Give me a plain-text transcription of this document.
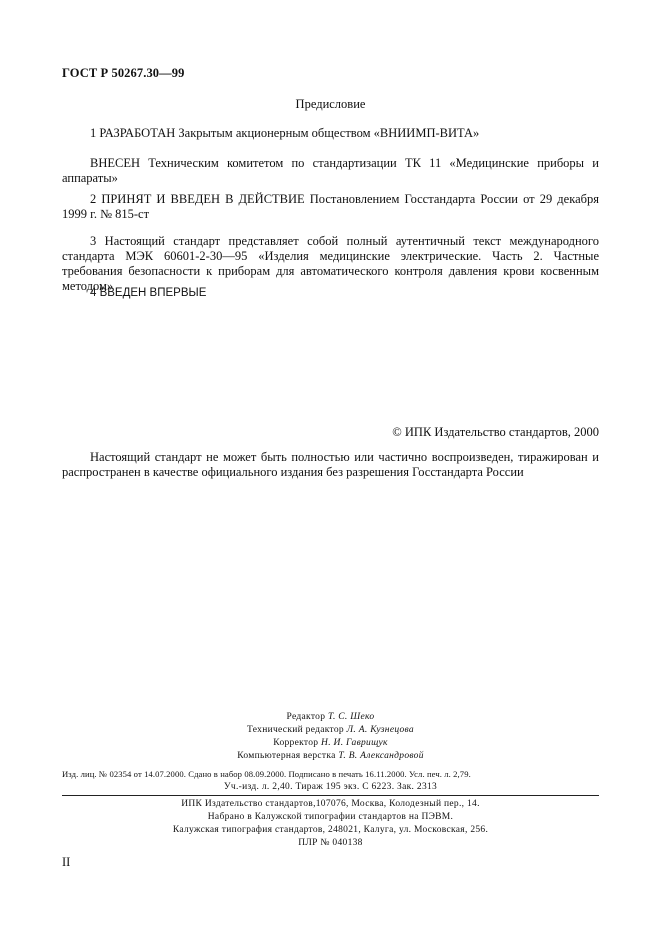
ГОСТ Р 50267.30—99
Предисловие
1 РАЗРАБОТАН Закрытым акционерным обществом «ВНИИМП-ВИТА»
ВНЕСЕН Техническим комитетом по стандартизации ТК 11 «Медицинские приборы и аппараты»
2 ПРИНЯТ И ВВЕДЕН В ДЕЙСТВИЕ Постановлением Госстандарта России от 29 декабря 1999 г. № 815-ст
3 Настоящий стандарт представляет собой полный аутентичный текст международного стандарта МЭК 60601-2-30—95 «Изделия медицинские электрические. Часть 2. Частные требования безопасности к приборам для автоматического контроля давления крови косвенным методом»
4 ВВЕДЕН ВПЕРВЫЕ
© ИПК Издательство стандартов, 2000
Настоящий стандарт не может быть полностью или частично воспроизведен, тиражирован и распространен в качестве официального издания без разрешения Госстандарта России
Редактор Т. С. Шеко
Технический редактор Л. А. Кузнецова
Корректор Н. И. Гаврищук
Компьютерная верстка Т. В. Александровой
Изд. лиц. № 02354 от 14.07.2000. Сдано в набор 08.09.2000. Подписано в печать 16.11.2000. Усл. печ. л. 2,79.
Уч.-изд. л. 2,40. Тираж 195 экз. С 6223. Зак. 2313
ИПК Издательство стандартов,107076, Москва, Колодезный пер., 14.
Набрано в Калужской типографии стандартов на ПЭВМ.
Калужская типография стандартов, 248021, Калуга, ул. Московская, 256.
ПЛР № 040138
II
